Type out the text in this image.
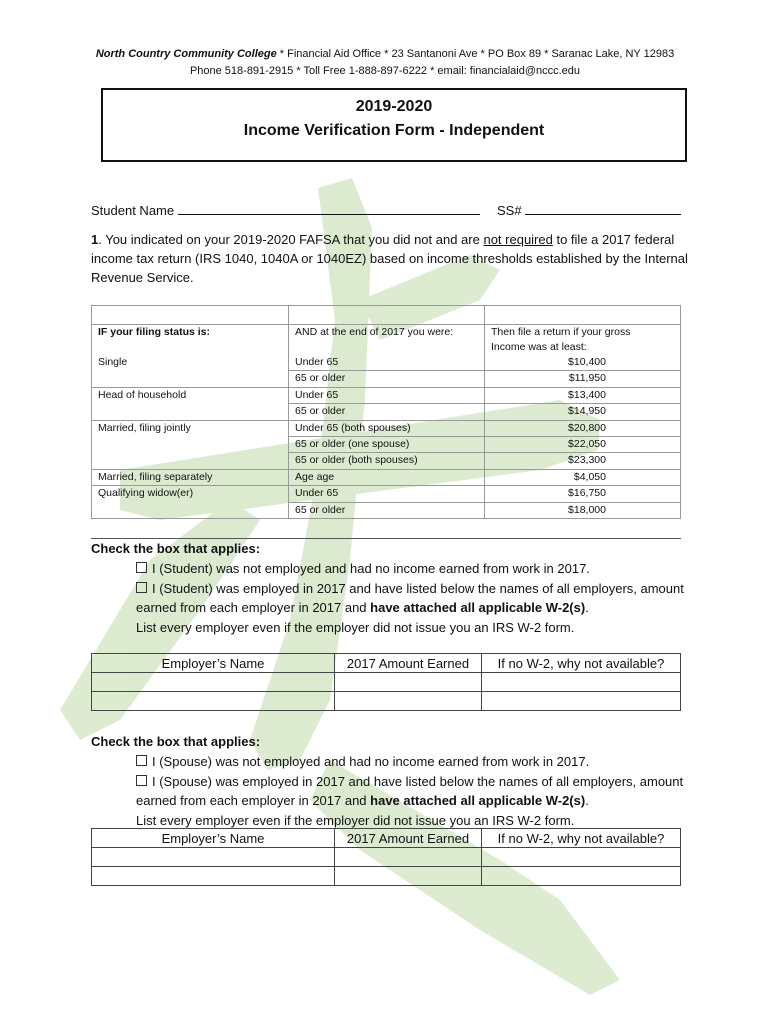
North Country Community College * Financial Aid Office * 23 Santanoni Ave * PO Box 89 * Saranac Lake, NY 12983
Phone 518-891-2915 * Toll Free 1-888-897-6222 * email: financialaid@nccc.edu
2019-2020
Income Verification Form - Independent
Student Name	SS#
1. You indicated on your 2019-2020 FAFSA that you did not and are not required to file a 2017 federal income tax return (IRS 1040, 1040A or 1040EZ) based on income thresholds established by the Internal Revenue Service.

IF your filing status is:	AND at the end of 2017 you were:	Then file a return if your gross
Income was at least:

Single	Under 65	$10,400
	65 or older	$11,950
Head of household	Under 65	$13,400
	65 or older	$14,950
Married, filing jointly	Under 65 (both spouses)	$20,800
	65 or older (one spouse)	$22,050
	65 or older (both spouses)	$23,300
Married, filing separately	Age age	$4,050
Qualifying widow(er)	Under 65	$16,750
	65 or older	$18,000
Check the box that applies:
I (Student) was not employed and had no income earned from work in 2017.
I (Student) was employed in 2017 and have listed below the names of all employers, amount earned from each employer in 2017 and have attached all applicable W-2(s).
List every employer even if the employer did not issue you an IRS W-2 form.
Employer’s Name	2017 Amount Earned	If no W-2, why not available?

Check the box that applies:
I (Spouse) was not employed and had no income earned from work in 2017.
I (Spouse) was employed in 2017 and have listed below the names of all employers, amount earned from each employer in 2017 and have attached all applicable W-2(s).
List every employer even if the employer did not issue you an IRS W-2 form.
Employer’s Name	2017 Amount Earned	If no W-2, why not available?
